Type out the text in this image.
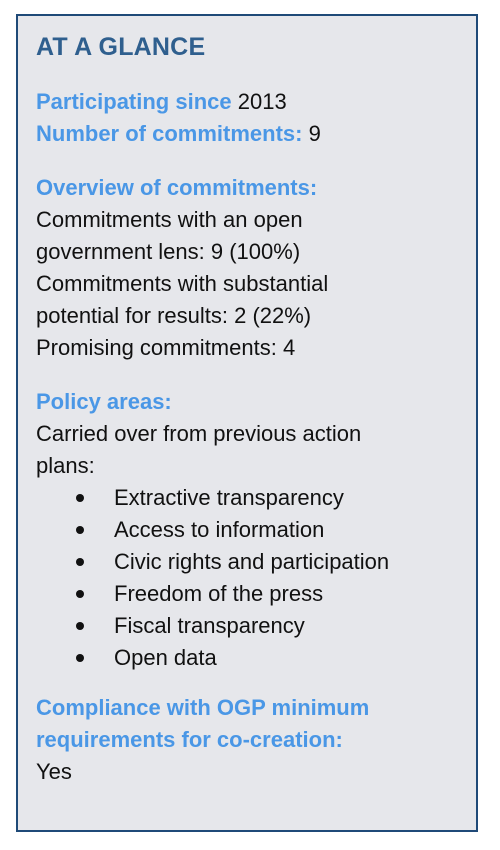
AT A GLANCE

Participating since 2013

Number of commitments: 9

Overview of commitments:

Commitments with an open

government lens: 9 (100%)

Commitments with substantial

potential for results: 2 (22%)

Promising commitments: 4

Policy areas:

Carried over from previous action

plans:

Extractive transparency
Access to information
Civic rights and participation
Freedom of the press
Fiscal transparency
Open data

Compliance with OGP minimum

requirements for co-creation:

Yes
